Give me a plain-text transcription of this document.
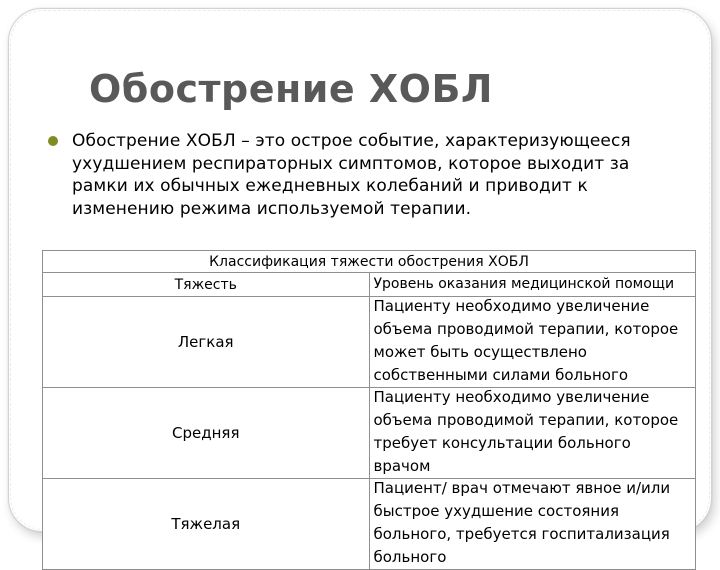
Обострение ХОБЛ
Обострение ХОБЛ – это острое событие, характеризующееся ухудшением респираторных симптомов, которое выходит за рамки их обычных ежедневных колебаний и приводит к изменению режима используемой терапии.
Классификация тяжести обострения ХОБЛ	
Тяжесть	Уровень оказания медицинской помощи
Легкая	Пациенту необходимо увеличение объема проводимой терапии, которое может быть осуществлено собственными силами больного

Средняя	Пациенту необходимо увеличение объема проводимой терапии, которое требует консультации больного врачом

Тяжелая	Пациент/ врач отмечают явное и/или быстрое ухудшение состояния больного, требуется госпитализация больного
